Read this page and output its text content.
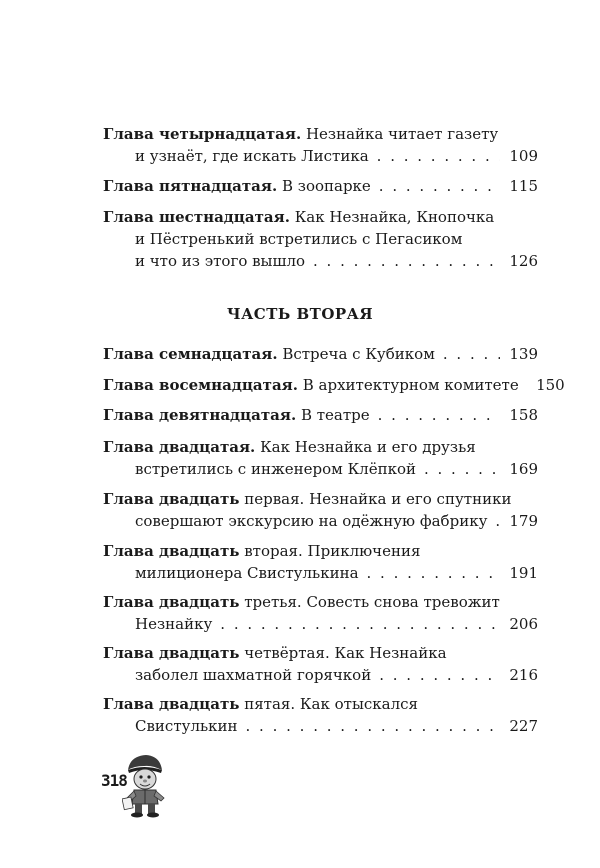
Глава четырнадцатая.
Незнайка читает газету
и узнаёт, где искать Листика . . .	109
Глава пятнадцатая.
В зоопарке . . .	115
Глава шестнадцатая.
Как Незнайка, Кнопочка
и Пёстренький встретились с Пегасиком
и что из этого вышло . . .	126
ЧАСТЬ ВТОРАЯ
Глава семнадцатая.
Встреча с Кубиком . . .	139
Глава восемнадцатая.
В архитектурном комитете 150
Глава девятнадцатая.
В театре . . .	158
Глава двадцатая.
Как Незнайка и его друзья
встретились с инженером Клёпкой . . .	169
Глава двадцать
первая. Незнайка и его спутники
совершают экскурсию на одёжную фабрику . . . 179
Глава двадцать
вторая. Приключения
милиционера Свистулькина . . .	191
Глава двадцать
третья. Совесть снова тревожит
Незнайку . . .	206
Глава двадцать
четвёртая. Как Незнайка
заболел шахматной горячкой . . .	216
Глава двадцать
пятая. Как отыскался
Свистулькин . . .	227
318
